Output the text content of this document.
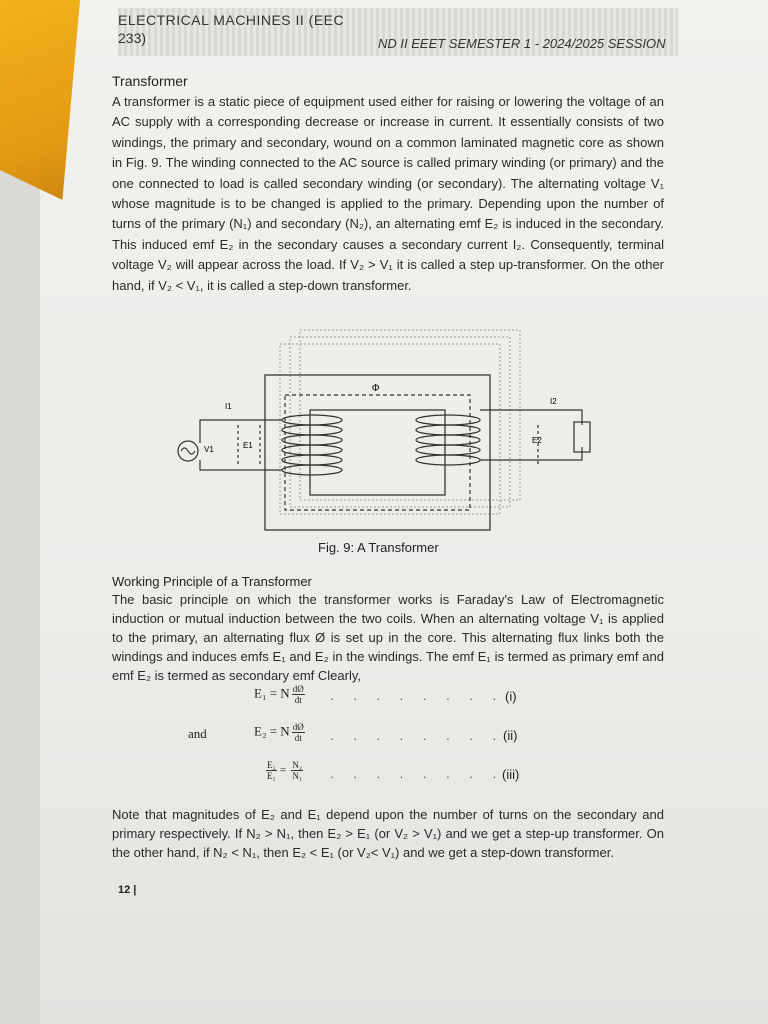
ELECTRICAL MACHINES II (EEC
233)	ND II EEET SEMESTER 1 - 2024/2025 SESSION
Transformer

A transformer is a static piece of equipment used either for raising or lowering the voltage of an AC supply with a corresponding decrease or increase in current. It essentially consists of two windings, the primary and secondary, wound on a common laminated magnetic core as shown in Fig. 9. The winding connected to the AC source is called primary winding (or primary) and the one connected to load is called secondary winding (or secondary). The alternating voltage V₁ whose magnitude is to be changed is applied to the primary. Depending upon the number of turns of the primary (N₁) and secondary (N₂), an alternating emf E₂ is induced in the secondary. This induced emf E₂ in the secondary causes a secondary current I₂. Consequently, terminal voltage V₂ will appear across the load. If V₂ > V₁ it is called a step up-transformer. On the other hand, if V₂ < V₁, it is called a step-down transformer.

Φ
I1
V1	E1
I2
E2
Fig. 9: A Transformer
Working Principle of a Transformer

The basic principle on which the transformer works is Faraday's Law of Electromagnetic induction or mutual induction between the two coils. When an alternating voltage V₁ is applied to the primary, an alternating flux Ø is set up in the core. This alternating flux links both the windings and induces emfs E₁ and E₂ in the windings. The emf E₁ is termed as primary emf and emf E₂ is termed as secondary emf Clearly,

E₁ = N $\frac{dØ}{dt}$ . . . . . . . . (i)
and	E₂ = N $\frac{dØ}{dt}$ . . . . . . . .
(ii)
$\frac{\text{E₂}}{\text{E₁}} = \frac{\text{N₂}}{\text{N₁}}$ . . . . . . . .
(iii)

Note that magnitudes of E₂ and E₁ depend upon the number of turns on the secondary and primary respectively. If N₂ > N₁, then E₂ > E₁ (or V₂ > V₁) and we get a step-up transformer. On the other hand, if N₂ < N₁, then E₂ < E₁ (or V₂< V₁) and we get a step-down transformer.

12 |
